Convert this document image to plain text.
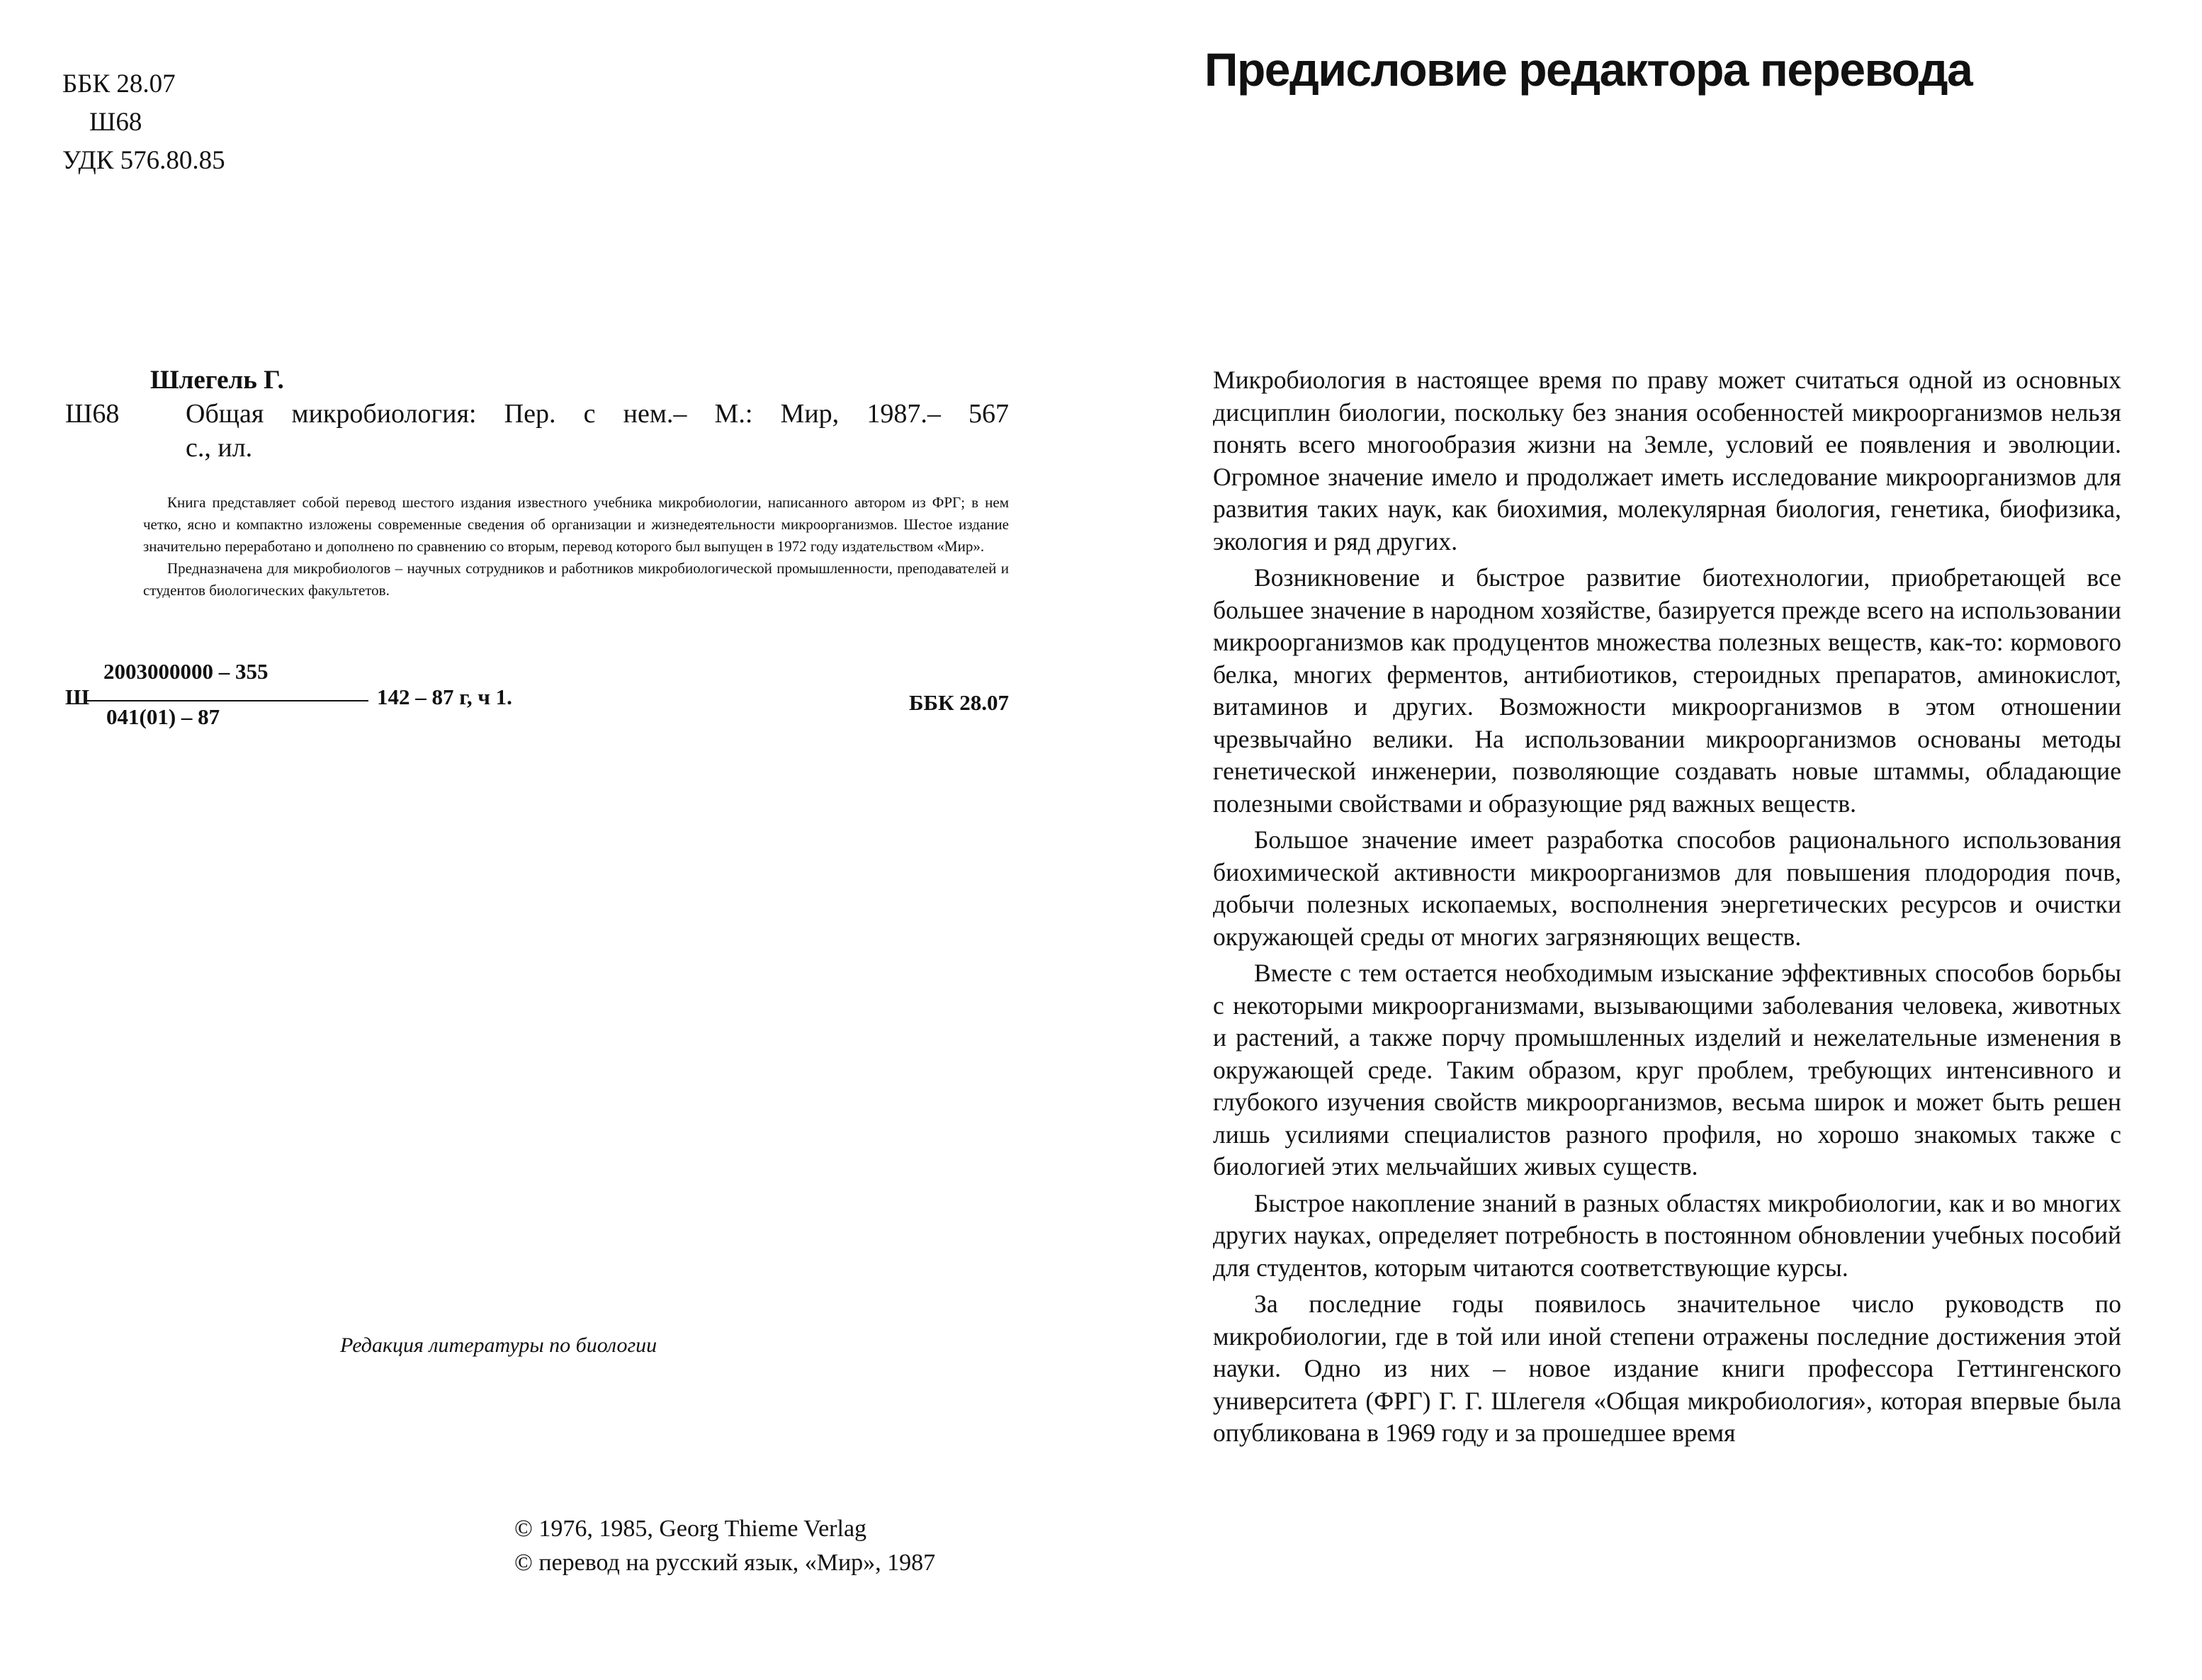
ББК 28.07
Ш68
УДК 576.80.85
Шлегель Г.
Ш68 Общая микробиология: Пер. с нем.– М.: Мир, 1987.– 567
с., ил.

Книга представляет собой перевод шестого издания известного учебника микробиологии, написанного автором из ФРГ; в нем четко, ясно и компактно изложены современные сведения об организации и жизнедеятельности микроорганизмов. Шестое издание значительно переработано и дополнено по сравнению со вторым, перевод которого был выпущен в 1972 году издательством «Мир».

Предназначена для микробиологов – научных сотрудников и работников микробиологической промышленности, преподавателей и студентов биологических факультетов.

Ш
2003000000 – 355
041(01) – 87
142 – 87 г, ч 1.	ББК 28.07
Редакция литературы по биологии
© 1976, 1985, Georg Thieme Verlag
© перевод на русский язык, «Мир», 1987
Предисловие редактора перевода

Микробиология в настоящее время по праву может считаться одной из основных дисциплин биологии, поскольку без знания особенностей микроорганизмов нельзя понять всего многообразия жизни на Земле, условий ее появления и эволюции. Огромное значение имело и продолжает иметь исследование микроорганизмов для развития таких наук, как биохимия, молекулярная биология, генетика, биофизика, экология и ряд других.

Возникновение и быстрое развитие биотехнологии, приобретающей все большее значение в народном хозяйстве, базируется прежде всего на использовании микроорганизмов как продуцентов множества полезных веществ, как-то: кормового белка, многих ферментов, антибиотиков, стероидных препаратов, аминокислот, витаминов и других. Возможности микроорганизмов в этом отношении чрезвычайно велики. На использовании микроорганизмов основаны методы генетической инженерии, позволяющие создавать новые штаммы, обладающие полезными свойствами и образующие ряд важных веществ.

Большое значение имеет разработка способов рационального использования биохимической активности микроорганизмов для повышения плодородия почв, добычи полезных ископаемых, восполнения энергетических ресурсов и очистки окружающей среды от многих загрязняющих веществ.

Вместе с тем остается необходимым изыскание эффективных способов борьбы с некоторыми микроорганизмами, вызывающими заболевания человека, животных и растений, а также порчу промышленных изделий и нежелательные изменения в окружающей среде. Таким образом, круг проблем, требующих интенсивного и глубокого изучения свойств микроорганизмов, весьма широк и может быть решен лишь усилиями специалистов разного профиля, но хорошо знакомых также с биологией этих мельчайших живых существ.

Быстрое накопление знаний в разных областях микробиологии, как и во многих других науках, определяет потребность в постоянном обновлении учебных пособий для студентов, которым читаются соответствующие курсы.

За последние годы появилось значительное число руководств по микробиологии, где в той или иной степени отражены последние достижения этой науки. Одно из них – новое издание книги профессора Геттингенского университета (ФРГ) Г. Г. Шлегеля «Общая микробиология», которая впервые была опубликована в 1969 году и за прошедшее время
